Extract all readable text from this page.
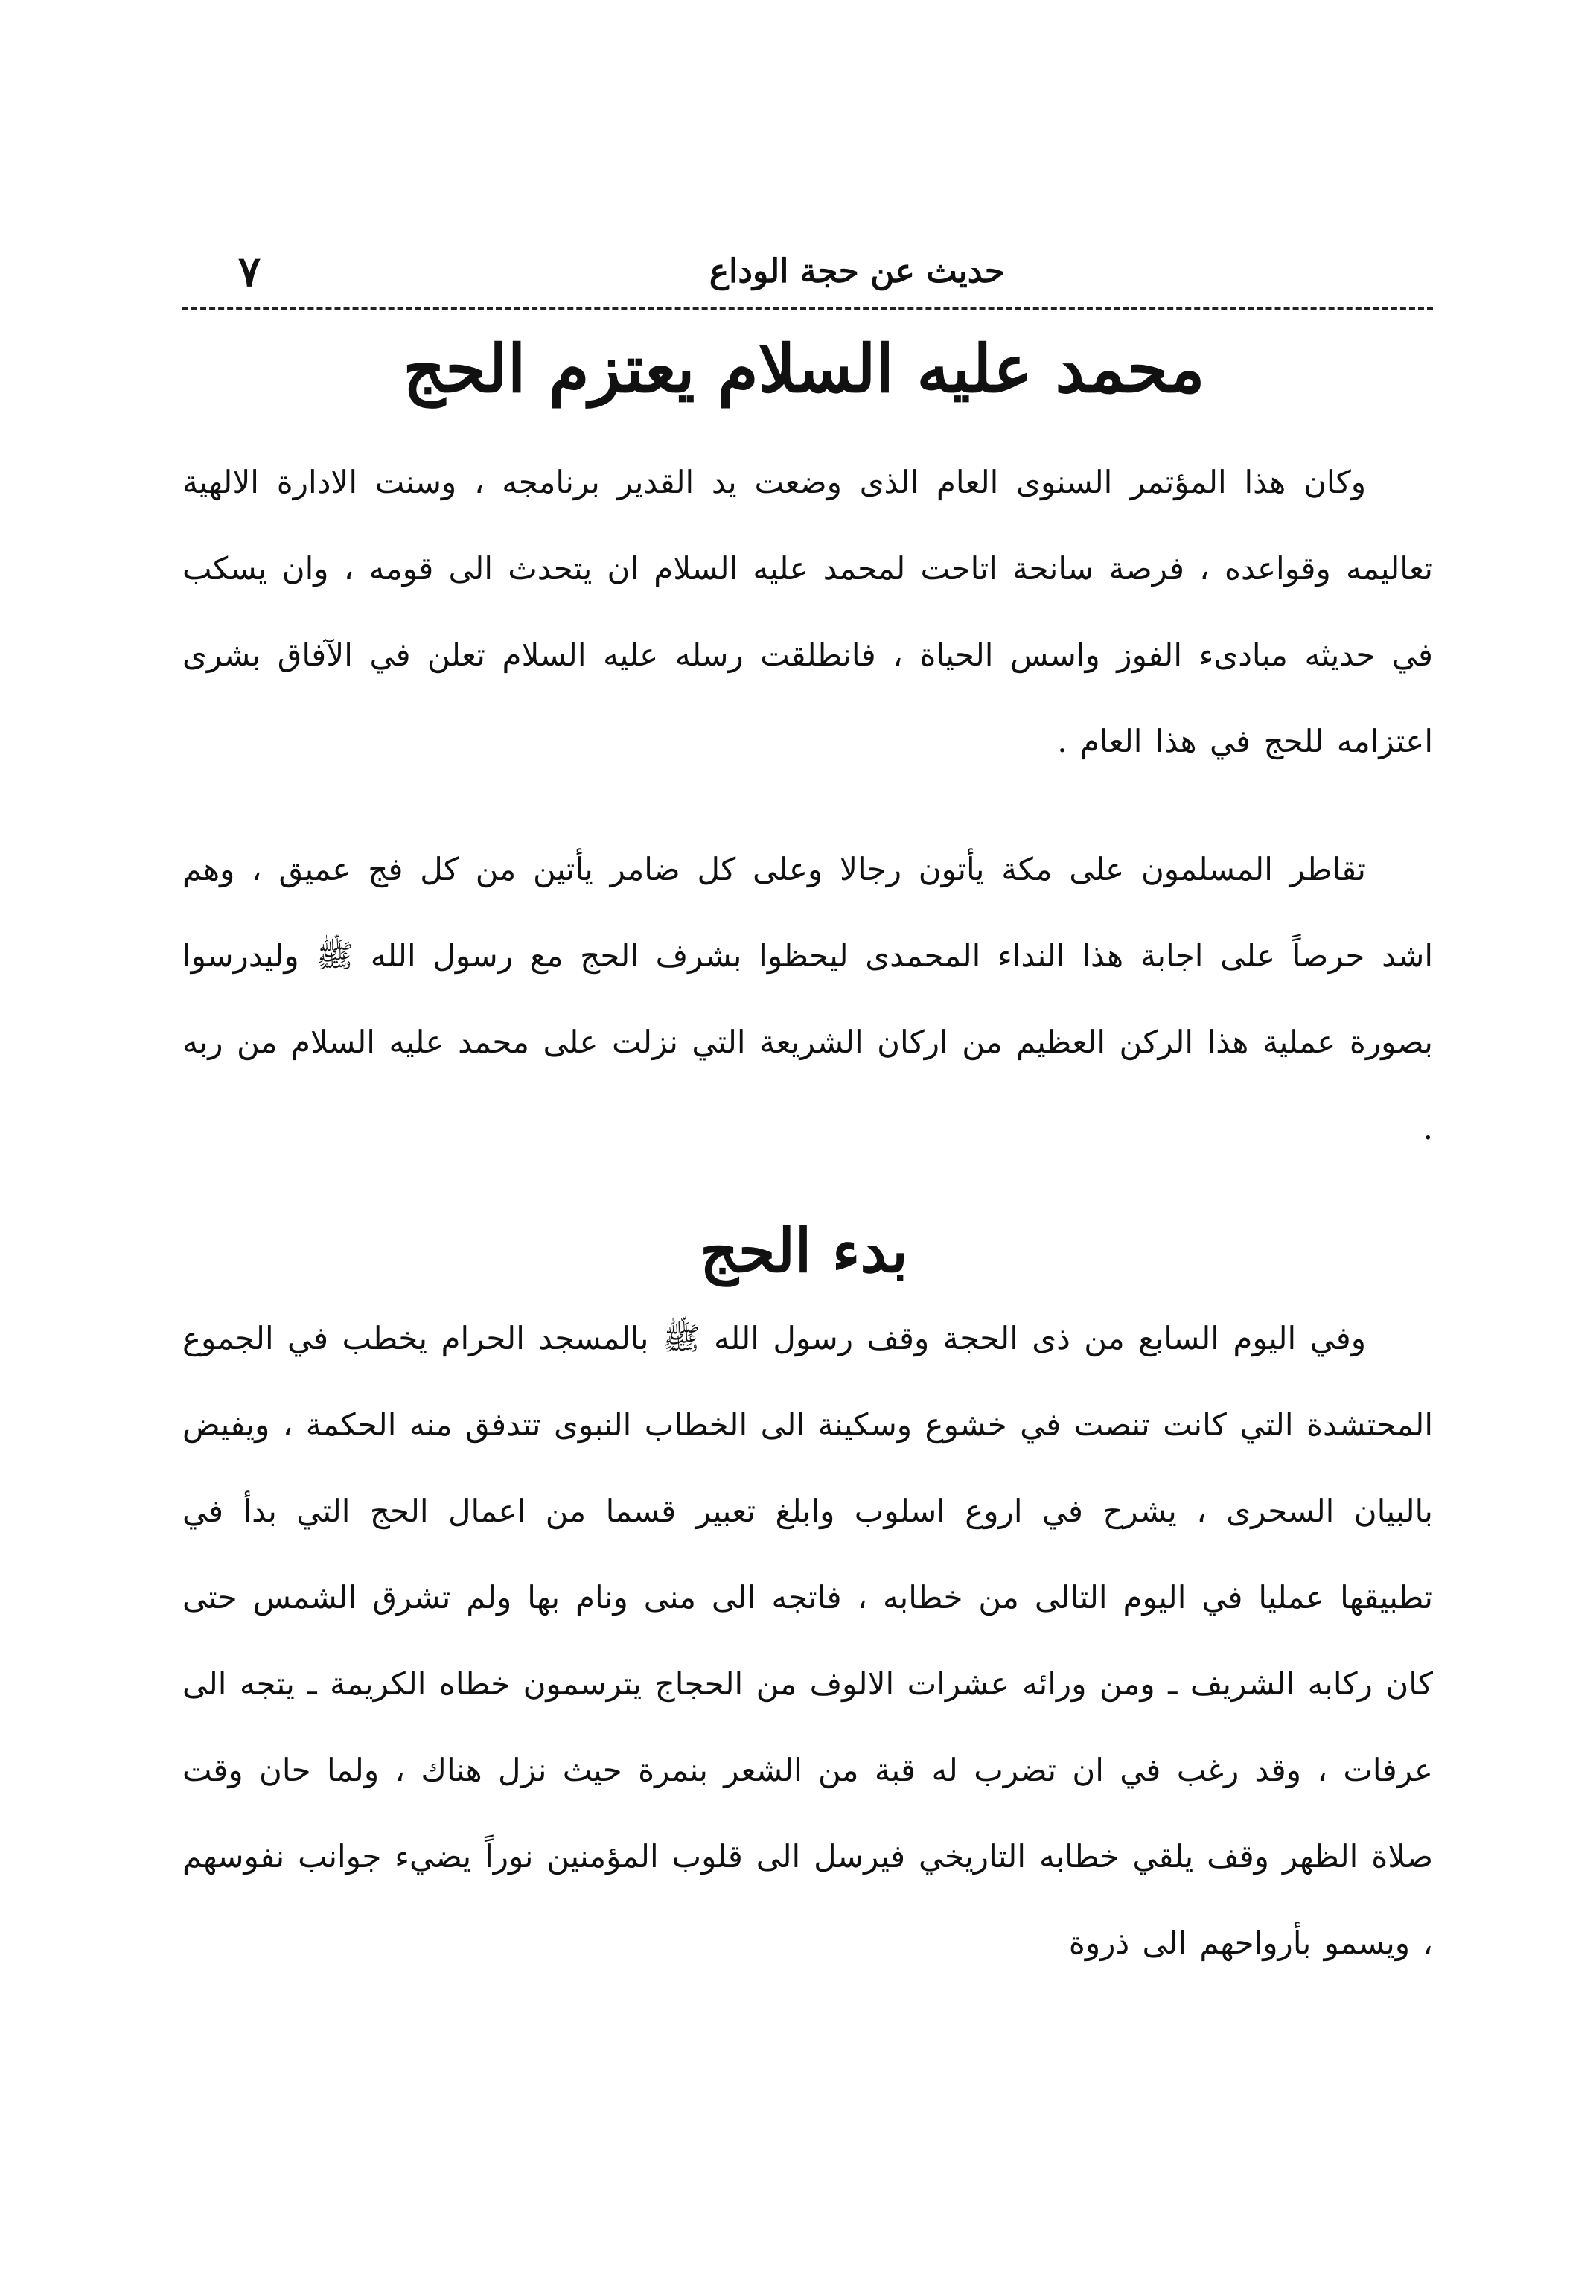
حديث عن حجة الوداع
٧
محمد عليه السلام يعتزم الحج

وكان هذا المؤتمر السنوى العام الذى وضعت يد القدير برنامجه ، وسنت الادارة الالهية تعاليمه وقواعده ، فرصة سانحة اتاحت لمحمد عليه السلام ان يتحدث الى قومه ، وان يسكب في حديثه مبادىء الفوز واسس الحياة ، فانطلقت رسله عليه السلام تعلن في الآفاق بشرى اعتزامه للحج في هذا العام .

تقاطر المسلمون على مكة يأتون رجالا وعلى كل ضامر يأتين من كل فج عميق ، وهم اشد حرصاً على اجابة هذا النداء المحمدى ليحظوا بشرف الحج مع رسول الله ﷺ وليدرسوا بصورة عملية هذا الركن العظيم من اركان الشريعة التي نزلت على محمد عليه السلام من ربه .

بدء الحج

وفي اليوم السابع من ذى الحجة وقف رسول الله ﷺ بالمسجد الحرام يخطب في الجموع المحتشدة التي كانت تنصت في خشوع وسكينة الى الخطاب النبوى تتدفق منه الحكمة ، ويفيض بالبيان السحرى ، يشرح في اروع اسلوب وابلغ تعبير قسما من اعمال الحج التي بدأ في تطبيقها عمليا في اليوم التالى من خطابه ، فاتجه الى منى ونام بها ولم تشرق الشمس حتى كان ركابه الشريف ـ ومن ورائه عشرات الالوف من الحجاج يترسمون خطاه الكريمة ـ يتجه الى عرفات ، وقد رغب في ان تضرب له قبة من الشعر بنمرة حيث نزل هناك ، ولما حان وقت صلاة الظهر وقف يلقي خطابه التاريخي فيرسل الى قلوب المؤمنين نوراً يضيء جوانب نفوسهم ، ويسمو بأرواحهم الى ذروة
